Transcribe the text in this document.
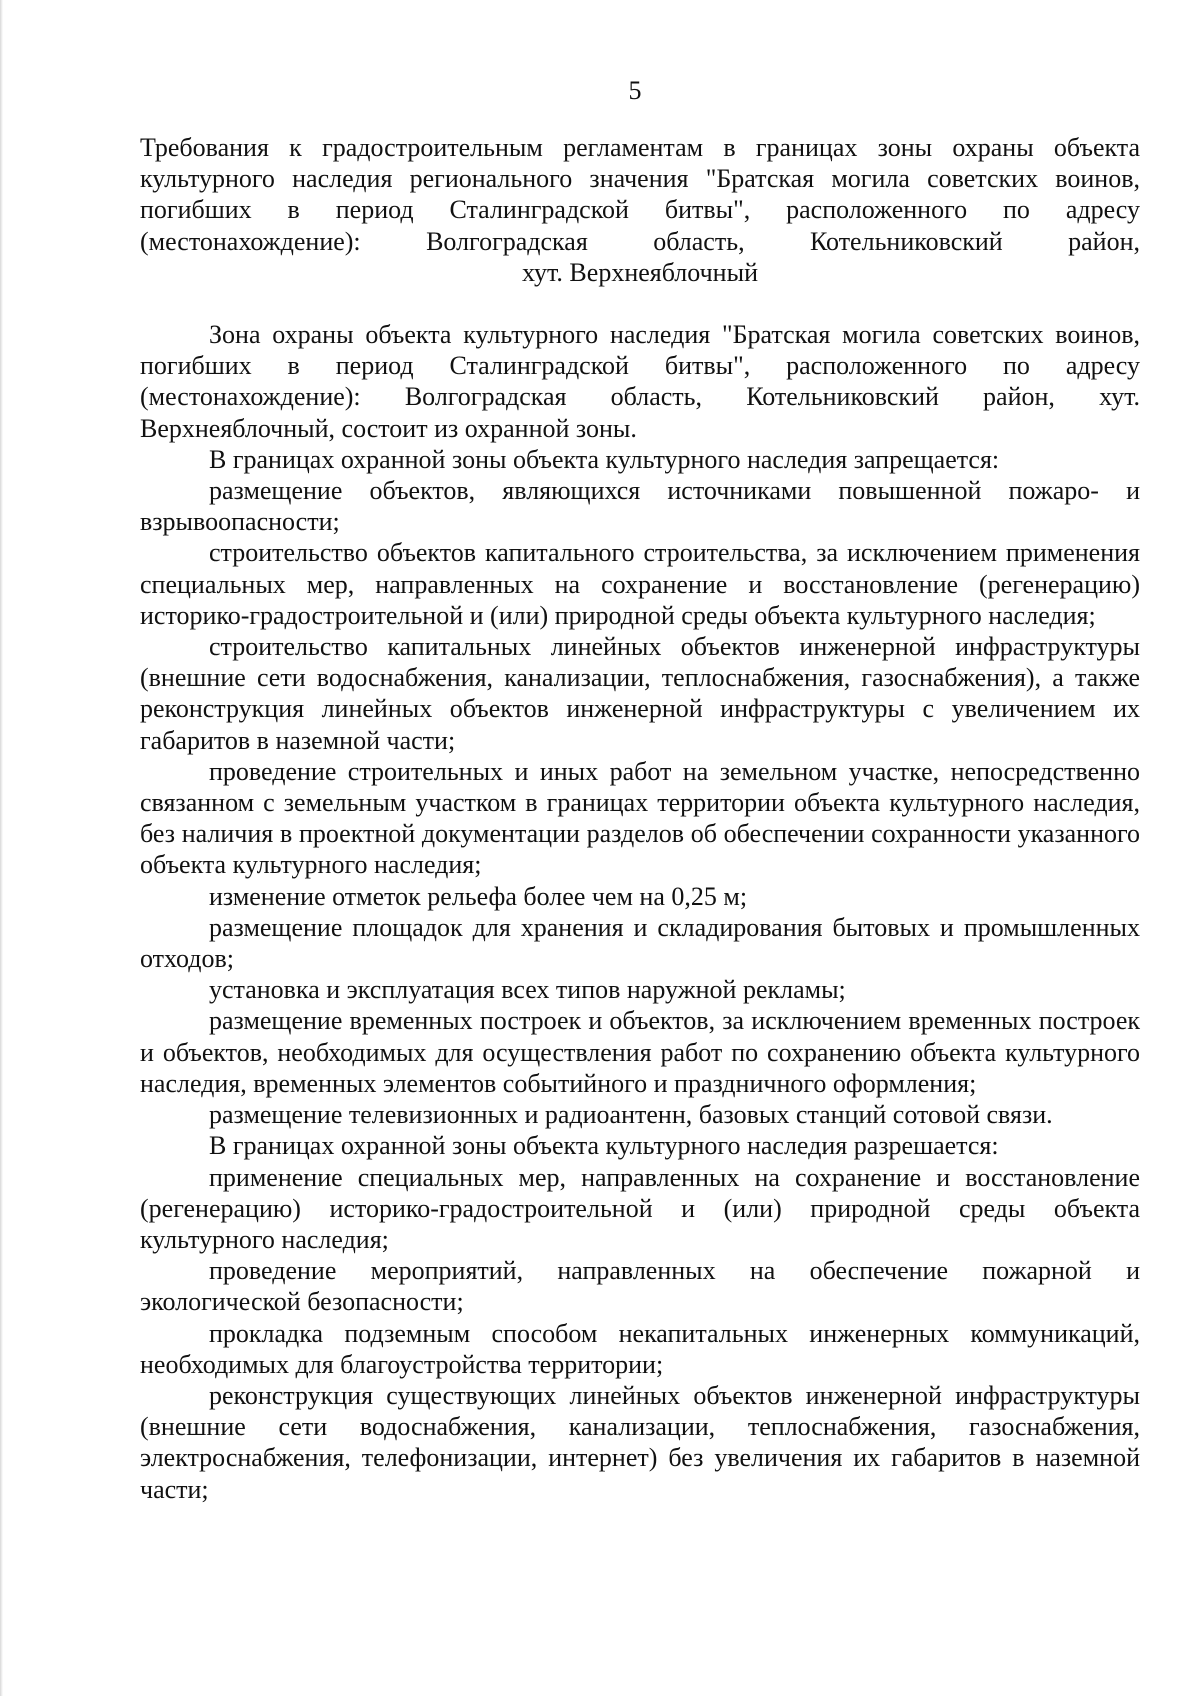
5

Требования к градостроительным регламентам в границах зоны охраны объекта

культурного наследия регионального значения "Братская могила советских воинов,

погибших в период Сталинградской битвы", расположенного по адресу

(местонахождение): Волгоградская область, Котельниковский район,

хут. Верхнеяблочный

Зона охраны объекта культурного наследия "Братская могила советских воинов, погибших в период Сталинградской битвы", расположенного по адресу (местонахождение): Волгоградская область, Котельниковский район, хут. Верхнеяблочный, состоит из охранной зоны.

В границах охранной зоны объекта культурного наследия запрещается:

размещение объектов, являющихся источниками повышенной пожаро- и взрывоопасности;

строительство объектов капитального строительства, за исключением применения специальных мер, направленных на сохранение и восстановление (регенерацию) историко-градостроительной и (или) природной среды объекта культурного наследия;

строительство капитальных линейных объектов инженерной инфраструктуры (внешние сети водоснабжения, канализации, теплоснабжения, газоснабжения), а также реконструкция линейных объектов инженерной инфраструктуры с увеличением их габаритов в наземной части;

проведение строительных и иных работ на земельном участке, непосредственно связанном с земельным участком в границах территории объекта культурного наследия, без наличия в проектной документации разделов об обеспечении сохранности указанного объекта культурного наследия;

изменение отметок рельефа более чем на 0,25 м;

размещение площадок для хранения и складирования бытовых и промышленных отходов;

установка и эксплуатация всех типов наружной рекламы;

размещение временных построек и объектов, за исключением временных построек и объектов, необходимых для осуществления работ по сохранению объекта культурного наследия, временных элементов событийного и праздничного оформления;

размещение телевизионных и радиоантенн, базовых станций сотовой связи.

В границах охранной зоны объекта культурного наследия разрешается:

применение специальных мер, направленных на сохранение и восстановление (регенерацию) историко-градостроительной и (или) природной среды объекта культурного наследия;

проведение мероприятий, направленных на обеспечение пожарной и экологической безопасности;

прокладка подземным способом некапитальных инженерных коммуникаций, необходимых для благоустройства территории;

реконструкция существующих линейных объектов инженерной инфраструктуры (внешние сети водоснабжения, канализации, теплоснабжения, газоснабжения, электроснабжения, телефонизации, интернет) без увеличения их габаритов в наземной части;
